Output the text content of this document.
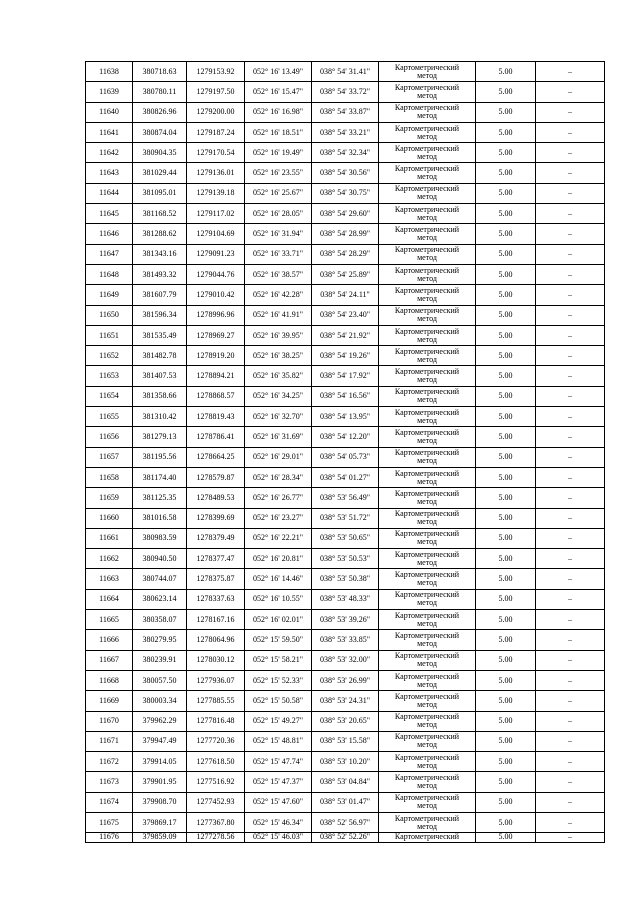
11638	380718.63	1279153.92	052° 16' 13.49"	038° 54' 31.41"	Картометрический
метод	5.00	–
11639	380780.11	1279197.50	052° 16' 15.47"	038° 54' 33.72"	Картометрический
метод	5.00	–
11640	380826.96	1279200.00	052° 16' 16.98"	038° 54' 33.87"	Картометрический
метод	5.00	–
11641	380874.04	1279187.24	052° 16' 18.51"	038° 54' 33.21"	Картометрический
метод	5.00	–
11642	380904.35	1279170.54	052° 16' 19.49"	038° 54' 32.34"	Картометрический
метод	5.00	–
11643	381029.44	1279136.01	052° 16' 23.55"	038° 54' 30.56"	Картометрический
метод	5.00	–
11644	381095.01	1279139.18	052° 16' 25.67"	038° 54' 30.75"	Картометрический
метод	5.00	–
11645	381168.52	1279117.02	052° 16' 28.05"	038° 54' 29.60"	Картометрический
метод	5.00	–
11646	381288.62	1279104.69	052° 16' 31.94"	038° 54' 28.99"	Картометрический
метод	5.00	–
11647	381343.16	1279091.23	052° 16' 33.71"	038° 54' 28.29"	Картометрический
метод	5.00	–
11648	381493.32	1279044.76	052° 16' 38.57"	038° 54' 25.89"	Картометрический
метод	5.00	–
11649	381607.79	1279010.42	052° 16' 42.28"	038° 54' 24.11"	Картометрический
метод	5.00	–
11650	381596.34	1278996.96	052° 16' 41.91"	038° 54' 23.40"	Картометрический
метод	5.00	–
11651	381535.49	1278969.27	052° 16' 39.95"	038° 54' 21.92"	Картометрический
метод	5.00	–
11652	381482.78	1278919.20	052° 16' 38.25"	038° 54' 19.26"	Картометрический
метод	5.00	–
11653	381407.53	1278894.21	052° 16' 35.82"	038° 54' 17.92"	Картометрический
метод	5.00	–
11654	381358.66	1278868.57	052° 16' 34.25"	038° 54' 16.56"	Картометрический
метод	5.00	–
11655	381310.42	1278819.43	052° 16' 32.70"	038° 54' 13.95"	Картометрический
метод	5.00	–
11656	381279.13	1278786.41	052° 16' 31.69"	038° 54' 12.20"	Картометрический
метод	5.00	–
11657	381195.56	1278664.25	052° 16' 29.01"	038° 54' 05.73"	Картометрический
метод	5.00	–
11658	381174.40	1278579.87	052° 16' 28.34"	038° 54' 01.27"	Картометрический
метод	5.00	–
11659	381125.35	1278489.53	052° 16' 26.77"	038° 53' 56.49"	Картометрический
метод	5.00	–
11660	381016.58	1278399.69	052° 16' 23.27"	038° 53' 51.72"	Картометрический
метод	5.00	–
11661	380983.59	1278379.49	052° 16' 22.21"	038° 53' 50.65"	Картометрический
метод	5.00	–
11662	380940.50	1278377.47	052° 16' 20.81"	038° 53' 50.53"	Картометрический
метод	5.00	–
11663	380744.07	1278375.87	052° 16' 14.46"	038° 53' 50.38"	Картометрический
метод	5.00	–
11664	380623.14	1278337.63	052° 16' 10.55"	038° 53' 48.33"	Картометрический
метод	5.00	–
11665	380358.07	1278167.16	052° 16' 02.01"	038° 53' 39.26"	Картометрический
метод	5.00	–
11666	380279.95	1278064.96	052° 15' 59.50"	038° 53' 33.85"	Картометрический
метод	5.00	–
11667	380239.91	1278030.12	052° 15' 58.21"	038° 53' 32.00"	Картометрический
метод	5.00	–
11668	380057.50	1277936.07	052° 15' 52.33"	038° 53' 26.99"	Картометрический
метод	5.00	–
11669	380003.34	1277885.55	052° 15' 50.58"	038° 53' 24.31"	Картометрический
метод	5.00	–
11670	379962.29	1277816.48	052° 15' 49.27"	038° 53' 20.65"	Картометрический
метод	5.00	–
11671	379947.49	1277720.36	052° 15' 48.81"	038° 53' 15.58"	Картометрический
метод	5.00	–
11672	379914.05	1277618.50	052° 15' 47.74"	038° 53' 10.20"	Картометрический
метод	5.00	–
11673	379901.95	1277516.92	052° 15' 47.37"	038° 53' 04.84"	Картометрический
метод	5.00	–
11674	379908.70	1277452.93	052° 15' 47.60"	038° 53' 01.47"	Картометрический
метод	5.00	–
11675	379869.17	1277367.80	052° 15' 46.34"	038° 52' 56.97"	Картометрический
метод	5.00	–
11676	379859.09	1277278.56	052° 15' 46.03"	038° 52' 52.26"	Картометрический	5.00	–
